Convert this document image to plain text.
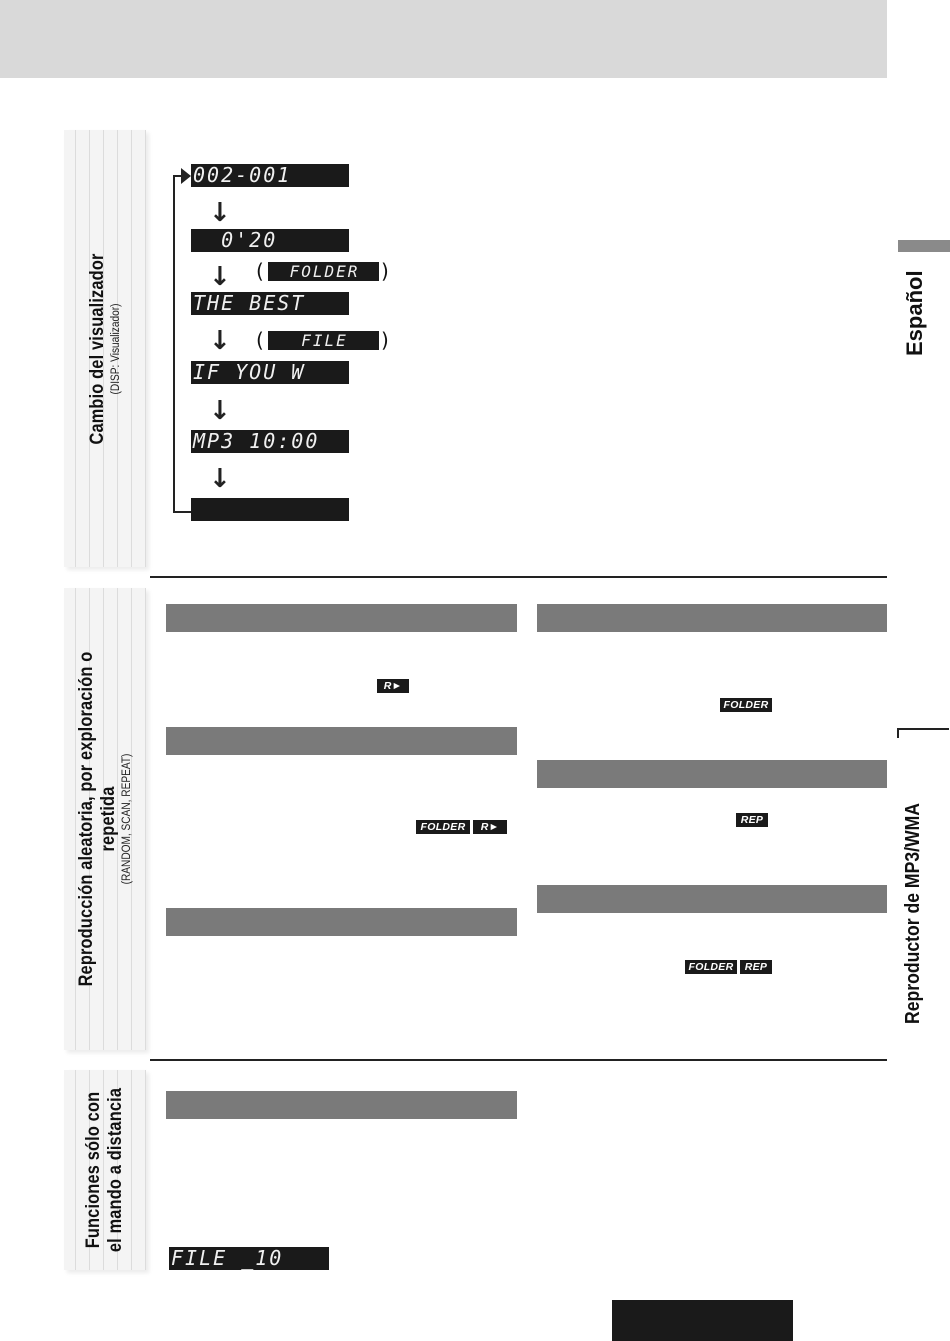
Cambio del visualizador (DISP: Visualizador)
002-001
↓
0'20
↓ (	FOLDER	)
THE BEST
↓ (	FILE	)
IF YOU W
↓
MP3 10:00
↓
Reproducción aleatoria, por exploración o repetida (RANDOM, SCAN, REPEAT)
R►
FOLDER	R►
FOLDER
REP
FOLDER	REP
Funciones sólo con el mando a distancia
FILE _10
Español
Reproductor de MP3/WMA
